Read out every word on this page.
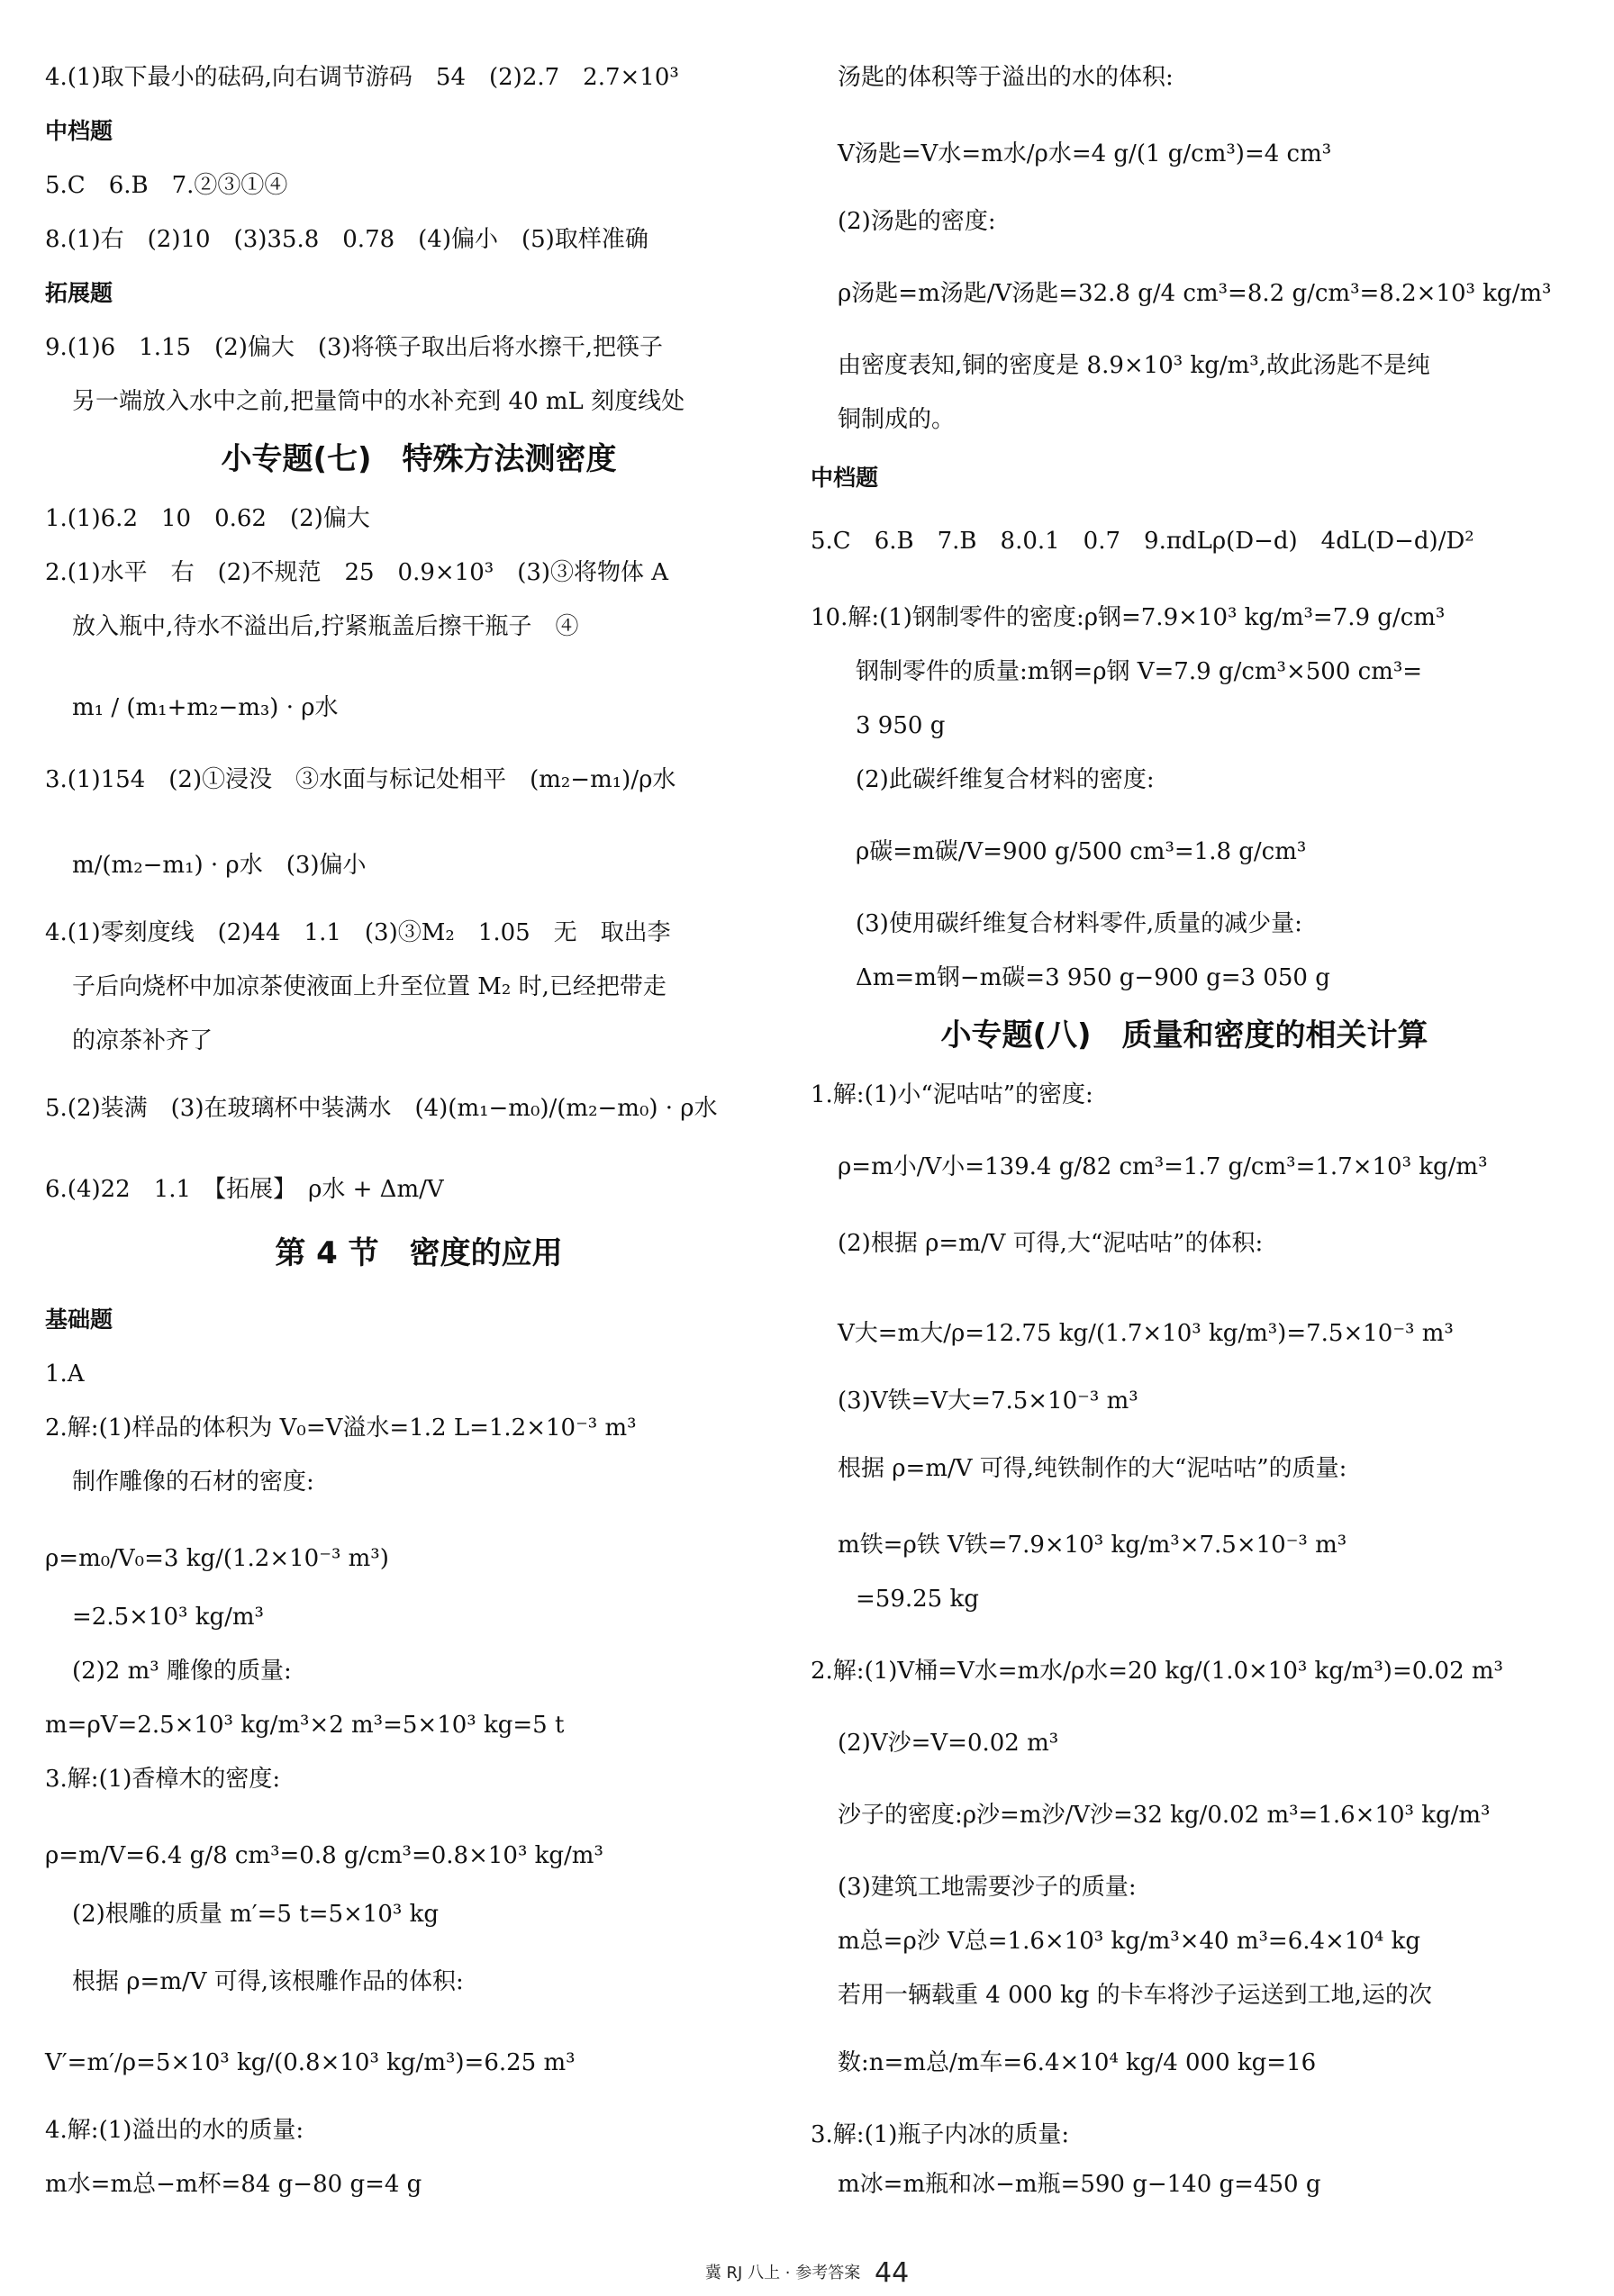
4.(1)取下最小的砝码,向右调节游码　54　(2)2.7　2.7×10³
中档题
5.C　6.B　7.②③①④
8.(1)右　(2)10　(3)35.8　0.78　(4)偏小　(5)取样准确
拓展题
9.(1)6　1.15　(2)偏大　(3)将筷子取出后将水擦干,把筷子
另一端放入水中之前,把量筒中的水补充到 40 mL 刻度线处
小专题(七)　特殊方法测密度
1.(1)6.2　10　0.62　(2)偏大
2.(1)水平　右　(2)不规范　25　0.9×10³　(3)③将物体 A
放入瓶中,待水不溢出后,拧紧瓶盖后擦干瓶子　④
m₁ / (m₁+m₂−m₃) · ρ水
3.(1)154　(2)①浸没　③水面与标记处相平　(m₂−m₁)/ρ水
m/(m₂−m₁) · ρ水　(3)偏小
4.(1)零刻度线　(2)44　1.1　(3)③M₂　1.05　无　取出李
子后向烧杯中加凉茶使液面上升至位置 M₂ 时,已经把带走
的凉茶补齐了
5.(2)装满　(3)在玻璃杯中装满水　(4)(m₁−m₀)/(m₂−m₀) · ρ水
6.(4)22　1.1　【拓展】　ρ水 + Δm/V
第 4 节　密度的应用
基础题
1.A
2.解:(1)样品的体积为 V₀=V溢水=1.2 L=1.2×10⁻³ m³
制作雕像的石材的密度:
ρ=m₀/V₀=3 kg/(1.2×10⁻³ m³)
=2.5×10³ kg/m³
(2)2 m³ 雕像的质量:
m=ρV=2.5×10³ kg/m³×2 m³=5×10³ kg=5 t
3.解:(1)香樟木的密度:
ρ=m/V=6.4 g/8 cm³=0.8 g/cm³=0.8×10³ kg/m³
(2)根雕的质量 m′=5 t=5×10³ kg
根据 ρ=m/V 可得,该根雕作品的体积:
V′=m′/ρ=5×10³ kg/(0.8×10³ kg/m³)=6.25 m³
4.解:(1)溢出的水的质量:
m水=m总−m杯=84 g−80 g=4 g
汤匙的体积等于溢出的水的体积:
V汤匙=V水=m水/ρ水=4 g/(1 g/cm³)=4 cm³
(2)汤匙的密度:
ρ汤匙=m汤匙/V汤匙=32.8 g/4 cm³=8.2 g/cm³=8.2×10³ kg/m³
由密度表知,铜的密度是 8.9×10³ kg/m³,故此汤匙不是纯
铜制成的。
中档题
5.C　6.B　7.B　8.0.1　0.7　9.πdLρ(D−d)　4dL(D−d)/D²
10.解:(1)钢制零件的密度:ρ钢=7.9×10³ kg/m³=7.9 g/cm³
钢制零件的质量:m钢=ρ钢 V=7.9 g/cm³×500 cm³=
3 950 g
(2)此碳纤维复合材料的密度:
ρ碳=m碳/V=900 g/500 cm³=1.8 g/cm³
(3)使用碳纤维复合材料零件,质量的减少量:
Δm=m钢−m碳=3 950 g−900 g=3 050 g
小专题(八)　质量和密度的相关计算
1.解:(1)小“泥咕咕”的密度:
ρ=m小/V小=139.4 g/82 cm³=1.7 g/cm³=1.7×10³ kg/m³
(2)根据 ρ=m/V 可得,大“泥咕咕”的体积:
V大=m大/ρ=12.75 kg/(1.7×10³ kg/m³)=7.5×10⁻³ m³
(3)V铁=V大=7.5×10⁻³ m³
根据 ρ=m/V 可得,纯铁制作的大“泥咕咕”的质量:
m铁=ρ铁 V铁=7.9×10³ kg/m³×7.5×10⁻³ m³
=59.25 kg
2.解:(1)V桶=V水=m水/ρ水=20 kg/(1.0×10³ kg/m³)=0.02 m³
(2)V沙=V=0.02 m³
沙子的密度:ρ沙=m沙/V沙=32 kg/0.02 m³=1.6×10³ kg/m³
(3)建筑工地需要沙子的质量:
m总=ρ沙 V总=1.6×10³ kg/m³×40 m³=6.4×10⁴ kg
若用一辆载重 4 000 kg 的卡车将沙子运送到工地,运的次
数:n=m总/m车=6.4×10⁴ kg/4 000 kg=16
3.解:(1)瓶子内冰的质量:
m冰=m瓶和冰−m瓶=590 g−140 g=450 g
冀 RJ 八上 · 参考答案 44
